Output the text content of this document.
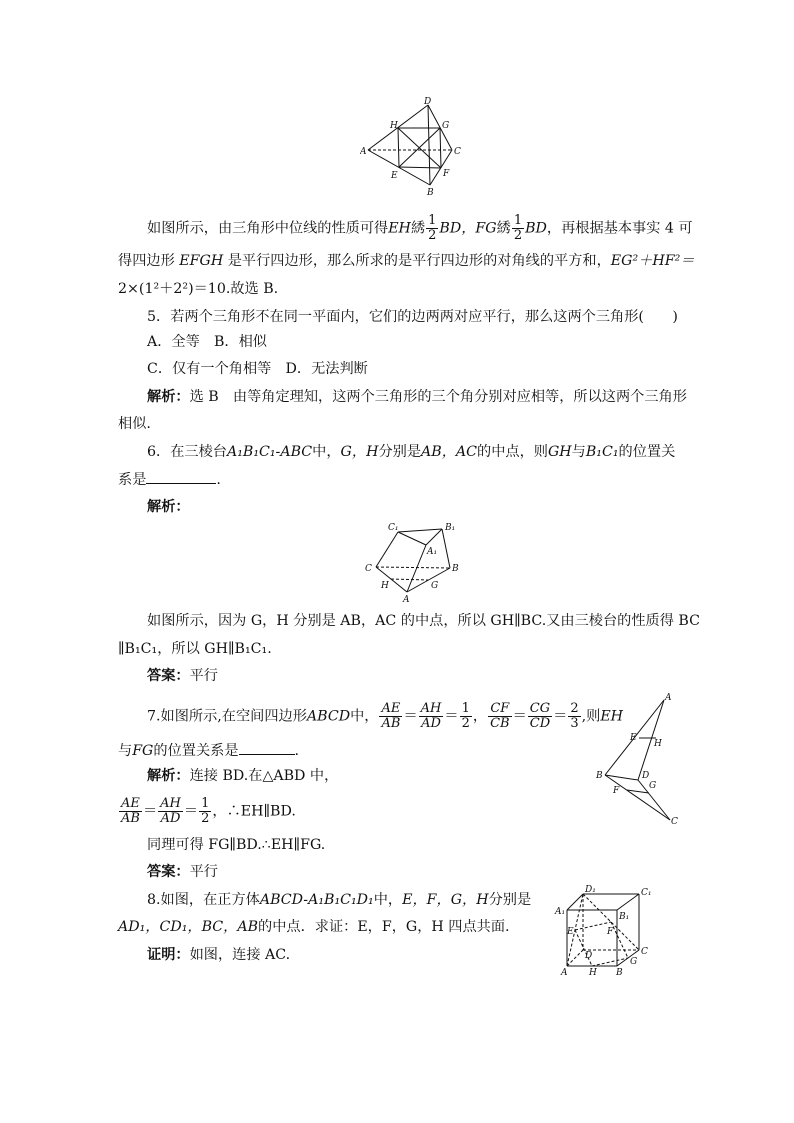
D
H	G
A	C
E	F
B
如图所示，由三角形中位线的性质可得EH綉 $\frac{1}{2}$ BD，FG綉 $\frac{1}{2}$ BD，再根据基本事实 4 可
得四边形 EFGH 是平行四边形，那么所求的是平行四边形的对角线的平方和，EG²＋HF²＝
2×(1²＋2²)＝10.故选 B.
5．若两个三角形不在同一平面内，它们的边两两对应平行，那么这两个三角形(　　)
A．全等　B．相似
C．仅有一个角相等　D．无法判断
解析：选 B　由等角定理知，这两个三角形的三个角分别对应相等，所以这两个三角形
相似.
6．在三棱台A₁B₁C₁-ABC中，G，H分别是AB，AC的中点，则GH与B₁C₁的位置关
系是	.
解析：
C₁	B₁
A₁
C	B
H	G
A
如图所示，因为 G，H 分别是 AB，AC 的中点，所以 GH∥BC.又由三棱台的性质得 BC
∥B₁C₁，所以 GH∥B₁C₁.
答案：平行
7.如图所示,在空间四边形ABCD中， $\frac{AE}{AB} = \frac{AH}{AD} = \frac{1}{2}$ ， $\frac{CF}{CB} = \frac{CG}{CD} = \frac{2}{3}$ ,则EH
与FG的位置关系是	.
解析：连接 BD.在△ABD 中，
$\frac{AE}{AB} = \frac{AH}{AD} = \frac{1}{2}$ ，∴EH∥BD.
同理可得 FG∥BD.∴EH∥FG.
答案：平行
A
E
H
B	D
F	G
C
8.如图，在正方体ABCD-A₁B₁C₁D₁中，E，F，G，H分别是
AD₁，CD₁，BC，AB的中点．求证：E，F，G，H 四点共面.
证明：如图，连接 AC.
D₁	C₁
A₁	B₁
E	F
D	C
G
A H B
